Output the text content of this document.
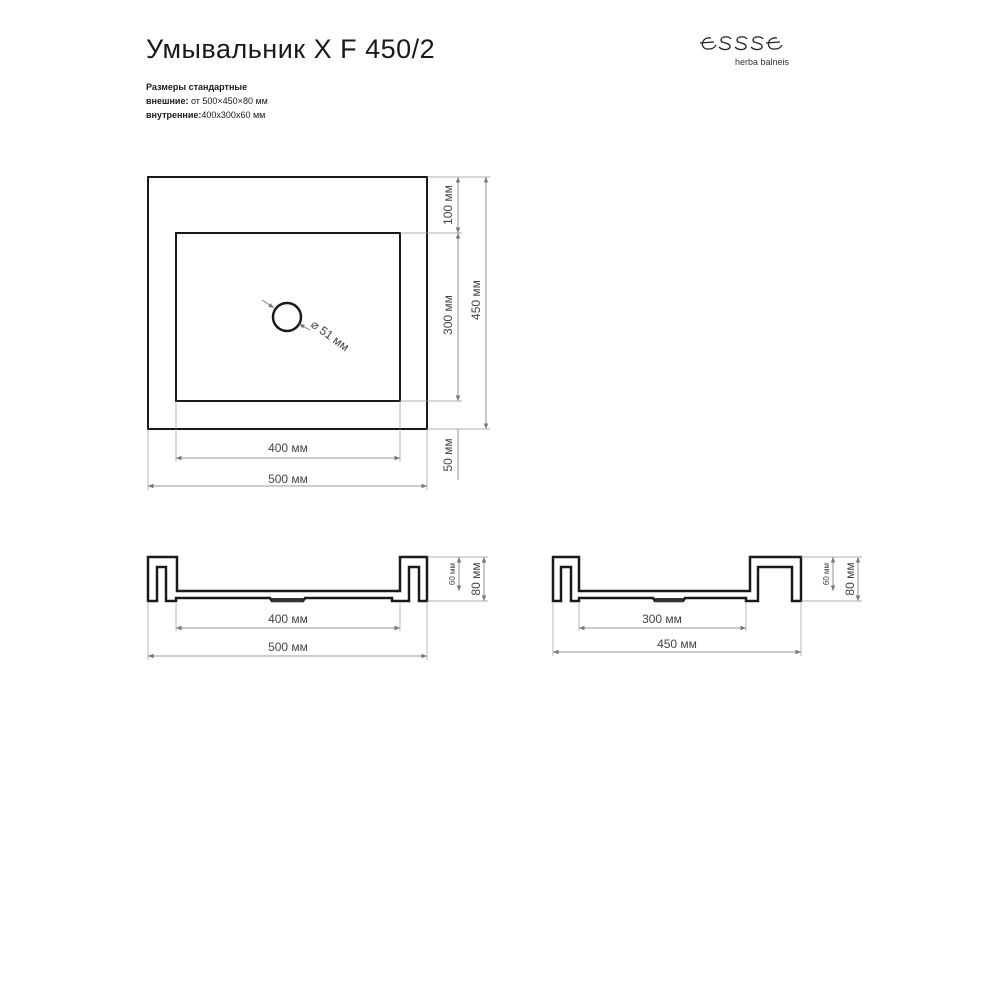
Умывальник X F 450/2	herba balneis
Размеры стандартные
внешние: от 500×450×80 мм
внутренние:400x300x60 мм
⌀ 51 мм
100 мм
300 мм 450 мм
50 мм
400 мм
500 мм
60 мм 80 мм
400 мм
500 мм
60 мм 80 мм
300 мм
450 мм
